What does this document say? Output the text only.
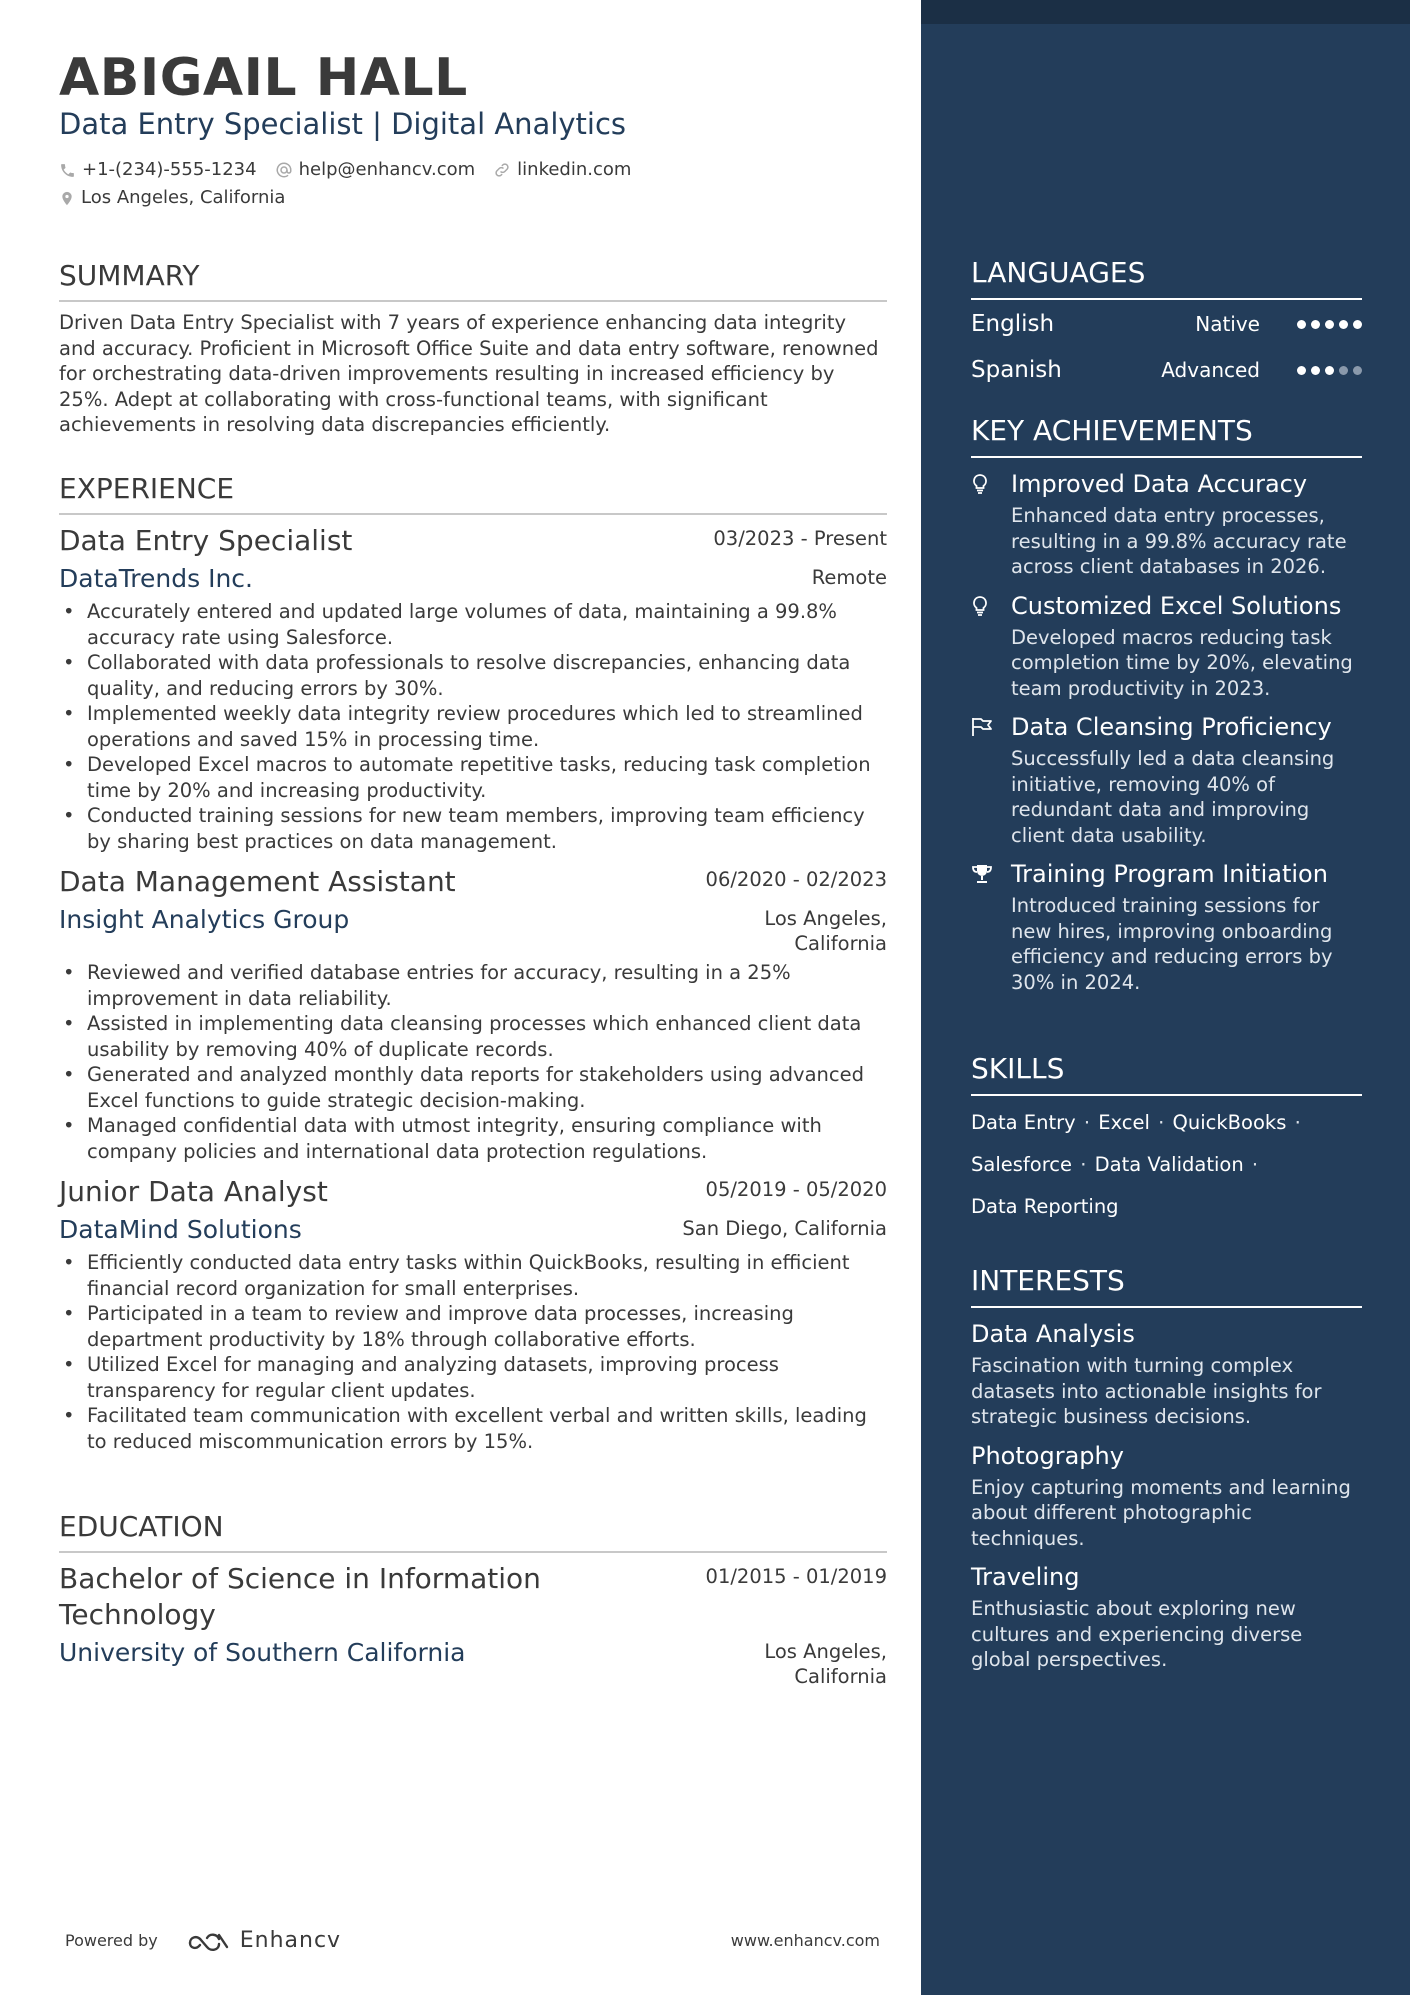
ABIGAIL HALL
Data Entry Specialist | Digital Analytics
+1-(234)-555-1234 help@enhancv.com linkedin.com
Los Angeles, California
SUMMARY

Driven Data Entry Specialist with 7 years of experience enhancing data integrity and accuracy. Proficient in Microsoft Office Suite and data entry software, renowned for orchestrating data-driven improvements resulting in increased efficiency by 25%. Adept at collaborating with cross-functional teams, with significant achievements in resolving data discrepancies efficiently.

EXPERIENCE
Data Entry Specialist	03/2023 - Present
DataTrends Inc.	Remote
• Accurately entered and updated large volumes of data, maintaining a 99.8% accuracy rate using Salesforce.
• Collaborated with data professionals to resolve discrepancies, enhancing data quality, and reducing errors by 30%.
• Implemented weekly data integrity review procedures which led to streamlined operations and saved 15% in processing time.
• Developed Excel macros to automate repetitive tasks, reducing task completion time by 20% and increasing productivity.
• Conducted training sessions for new team members, improving team efficiency by sharing best practices on data management.
Data Management Assistant	06/2020 - 02/2023
Insight Analytics Group	Los Angeles,
California
• Reviewed and verified database entries for accuracy, resulting in a 25% improvement in data reliability.
• Assisted in implementing data cleansing processes which enhanced client data usability by removing 40% of duplicate records.
• Generated and analyzed monthly data reports for stakeholders using advanced Excel functions to guide strategic decision-making.
• Managed confidential data with utmost integrity, ensuring compliance with company policies and international data protection regulations.
Junior Data Analyst	05/2019 - 05/2020
DataMind Solutions	San Diego, California
• Efficiently conducted data entry tasks within QuickBooks, resulting in efficient financial record organization for small enterprises.
• Participated in a team to review and improve data processes, increasing department productivity by 18% through collaborative efforts.
• Utilized Excel for managing and analyzing datasets, improving process transparency for regular client updates.
• Facilitated team communication with excellent verbal and written skills, leading to reduced miscommunication errors by 15%.
EDUCATION
Bachelor of Science in Information
Technology
01/2015 - 01/2019
University of Southern California	Los Angeles,
California
Powered by	Enhancv	www.enhancv.com
LANGUAGES
English	Native
Spanish	Advanced
KEY ACHIEVEMENTS
Improved Data Accuracy
Enhanced data entry processes, resulting in a 99.8% accuracy rate across client databases in 2026.
Customized Excel Solutions
Developed macros reducing task completion time by 20%, elevating team productivity in 2023.
Data Cleansing Proficiency
Successfully led a data cleansing initiative, removing 40% of redundant data and improving client data usability.
Training Program Initiation
Introduced training sessions for new hires, improving onboarding efficiency and reducing errors by 30% in 2024.
SKILLS
Data Entry · Excel · QuickBooks ·
Salesforce · Data Validation ·
Data Reporting
INTERESTS
Data Analysis
Fascination with turning complex datasets into actionable insights for strategic business decisions.
Photography
Enjoy capturing moments and learning about different photographic techniques.
Traveling
Enthusiastic about exploring new cultures and experiencing diverse global perspectives.
